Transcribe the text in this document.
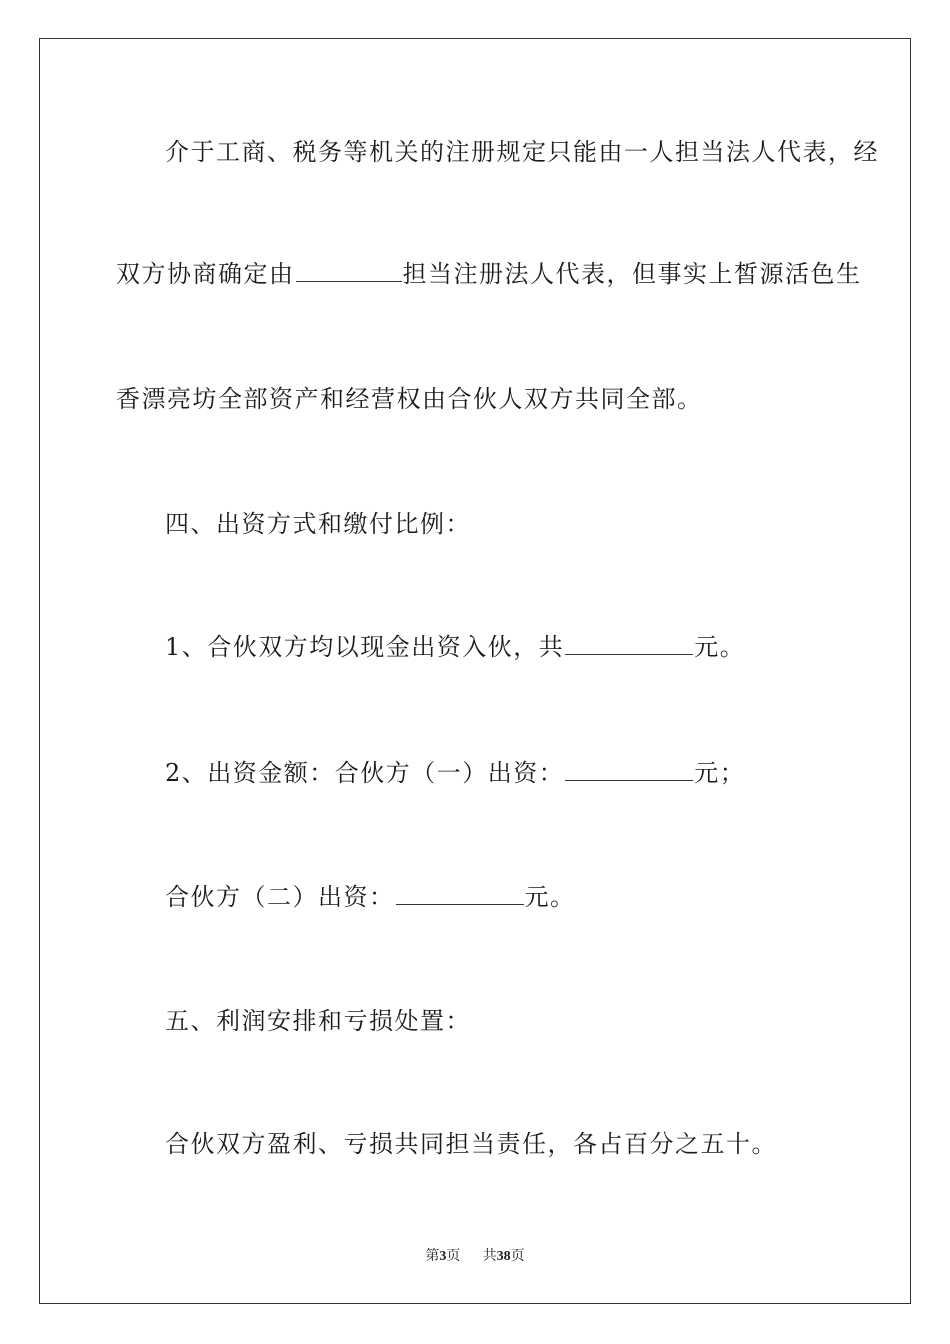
介于工商、税务等机关的注册规定只能由一人担当法人代表，经
双方协商确定由	担当注册法人代表，但事实上皙源活色生
香漂亮坊全部资产和经营权由合伙人双方共同全部。
四、出资方式和缴付比例：
1、合伙双方均以现金出资入伙，共	元。
2、出资金额：合伙方（一）出资：	元；
合伙方（二）出资：	元。
五、利润安排和亏损处置：
合伙双方盈利、亏损共同担当责任，各占百分之五十。
第3页 共38页
